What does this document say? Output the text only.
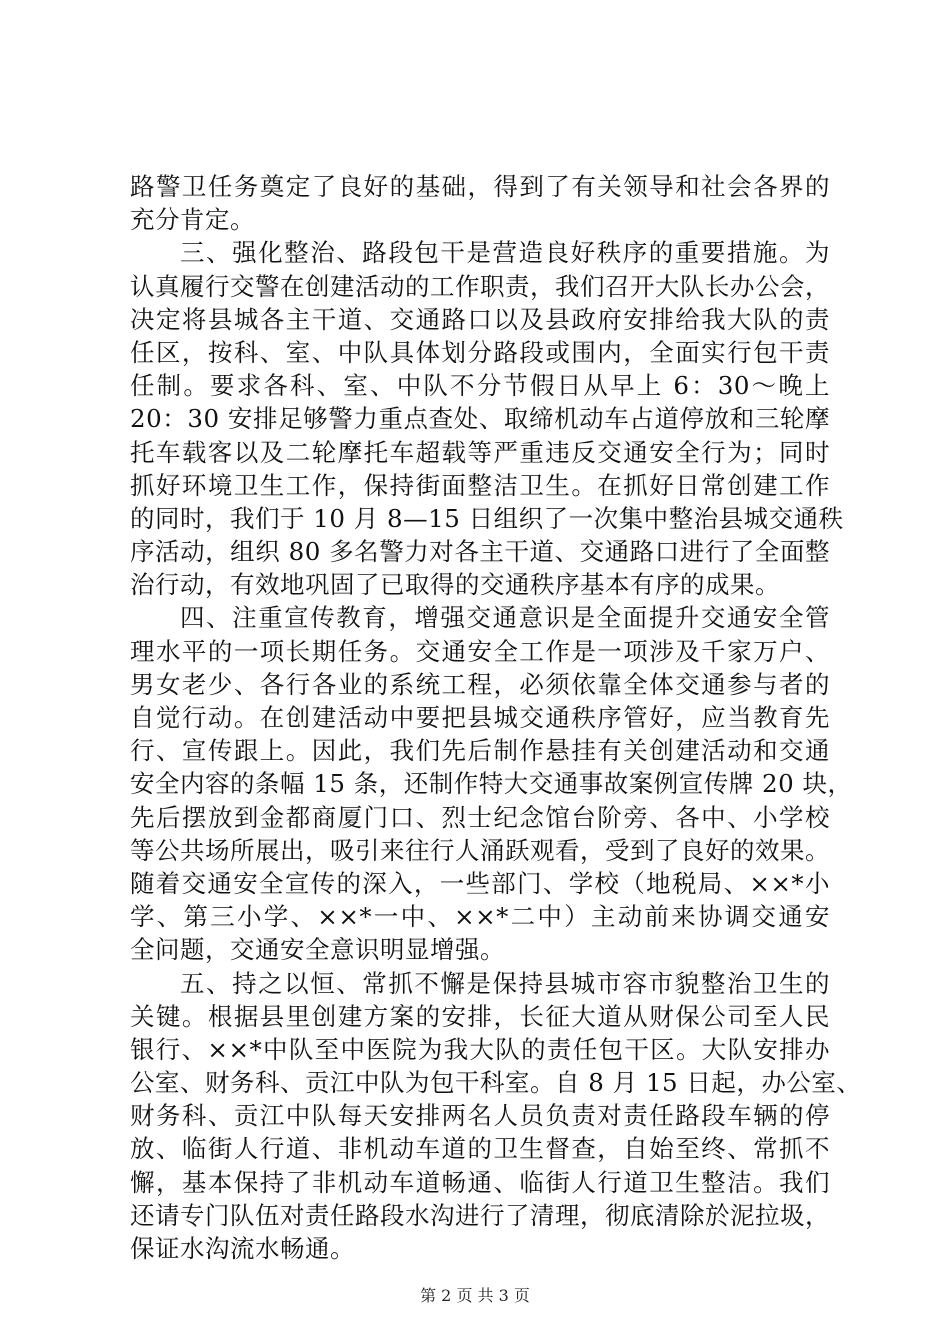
路警卫任务奠定了良好的基础，得到了有关领导和社会各界的
充分肯定。
三、强化整治、路段包干是营造良好秩序的重要措施。为
认真履行交警在创建活动的工作职责，我们召开大队长办公会，
决定将县城各主干道、交通路口以及县政府安排给我大队的责
任区，按科、室、中队具体划分路段或围内，全面实行包干责
任制。要求各科、室、中队不分节假日从早上 6：30～晚上
20：30 安排足够警力重点查处、取缔机动车占道停放和三轮摩
托车载客以及二轮摩托车超载等严重违反交通安全行为；同时
抓好环境卫生工作，保持街面整洁卫生。在抓好日常创建工作
的同时，我们于 10 月 8—15 日组织了一次集中整治县城交通秩
序活动，组织 80 多名警力对各主干道、交通路口进行了全面整
治行动，有效地巩固了已取得的交通秩序基本有序的成果。
四、注重宣传教育，增强交通意识是全面提升交通安全管
理水平的一项长期任务。交通安全工作是一项涉及千家万户、
男女老少、各行各业的系统工程，必须依靠全体交通参与者的
自觉行动。在创建活动中要把县城交通秩序管好，应当教育先
行、宣传跟上。因此，我们先后制作悬挂有关创建活动和交通
安全内容的条幅 15 条，还制作特大交通事故案例宣传牌 20 块，
先后摆放到金都商厦门口、烈士纪念馆台阶旁、各中、小学校
等公共场所展出，吸引来往行人涌跃观看，受到了良好的效果。
随着交通安全宣传的深入，一些部门、学校（地税局、××*小
学、第三小学、××*一中、××*二中）主动前来协调交通安
全问题，交通安全意识明显增强。
五、持之以恒、常抓不懈是保持县城市容市貌整治卫生的
关键。根据县里创建方案的安排，长征大道从财保公司至人民
银行、××*中队至中医院为我大队的责任包干区。大队安排办
公室、财务科、贡江中队为包干科室。自 8 月 15 日起，办公室、
财务科、贡江中队每天安排两名人员负责对责任路段车辆的停
放、临街人行道、非机动车道的卫生督查，自始至终、常抓不
懈，基本保持了非机动车道畅通、临街人行道卫生整洁。我们
还请专门队伍对责任路段水沟进行了清理，彻底清除於泥拉圾，
保证水沟流水畅通。
第 2 页 共 3 页
